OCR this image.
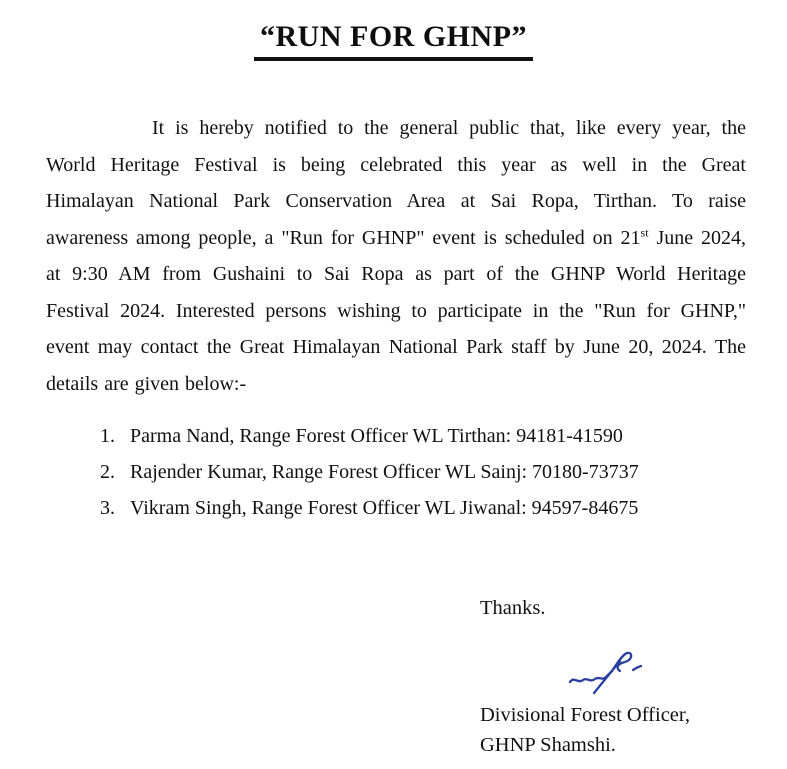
“RUN FOR GHNP”
It is hereby notified to the general public that, like every year, the
World Heritage Festival is being celebrated this year as well in the Great
Himalayan National Park Conservation Area at Sai Ropa, Tirthan. To raise
awareness among people, a "Run for GHNP" event is scheduled on 21st June 2024,
at 9:30 AM from Gushaini to Sai Ropa as part of the GHNP World Heritage
Festival 2024. Interested persons wishing to participate in the "Run for GHNP,"
event may contact the Great Himalayan National Park staff by June 20, 2024. The
details are given below:-
1. Parma Nand, Range Forest Officer WL Tirthan: 94181-41590
2. Rajender Kumar, Range Forest Officer WL Sainj: 70180-73737
3. Vikram Singh, Range Forest Officer WL Jiwanal: 94597-84675
Thanks.
Divisional Forest Officer,
GHNP Shamshi.
